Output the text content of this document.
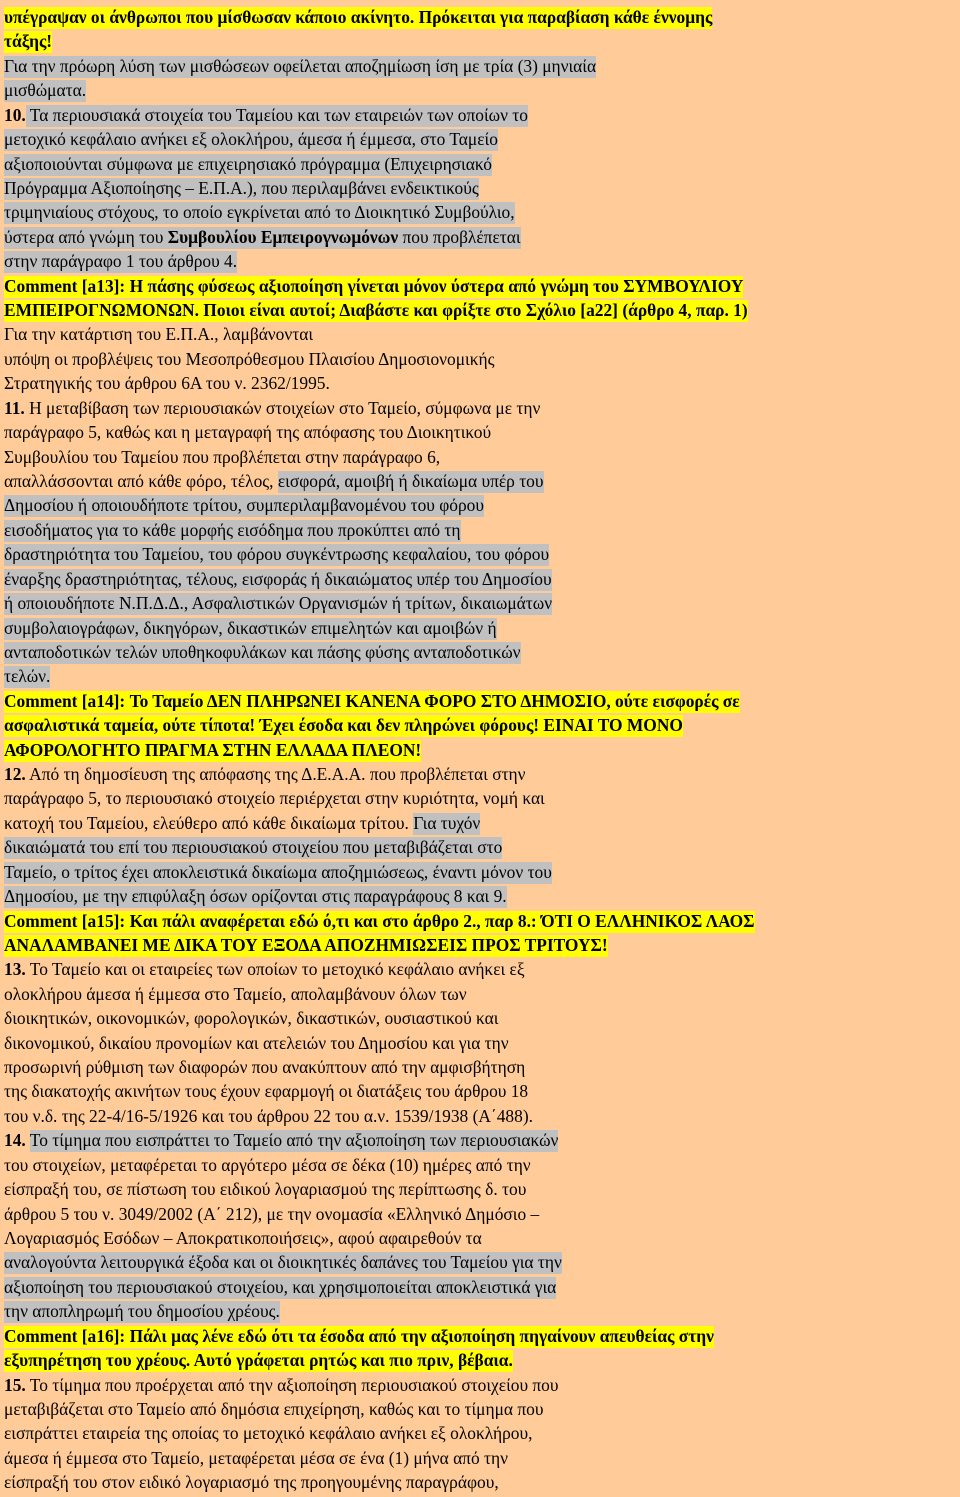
υπέγραψαν οι άνθρωποι που μίσθωσαν κάποιο ακίνητο. Πρόκειται για παραβίαση κάθε έννομης

τάξης!

Για την πρόωρη λύση των μισθώσεων οφείλεται αποζημίωση ίση με τρία (3) μηνιαία

μισθώματα.

10. Τα περιουσιακά στοιχεία του Ταμείου και των εταιρειών των οποίων το

μετοχικό κεφάλαιο ανήκει εξ ολοκλήρου, άμεσα ή έμμεσα, στο Ταμείο

αξιοποιούνται σύμφωνα με επιχειρησιακό πρόγραμμα (Επιχειρησιακό

Πρόγραμμα Αξιοποίησης – Ε.Π.Α.), που περιλαμβάνει ενδεικτικούς

τριμηνιαίους στόχους, το οποίο εγκρίνεται από το Διοικητικό Συμβούλιο,

ύστερα από γνώμη του Συμβουλίου Εμπειρογνωμόνων που προβλέπεται

στην παράγραφο 1 του άρθρου 4.

Comment [a13]: Η πάσης φύσεως αξιοποίηση γίνεται μόνον ύστερα από γνώμη του ΣΥΜΒΟΥΛΙΟΥ

ΕΜΠΕΙΡΟΓΝΩΜΟΝΩΝ. Ποιοι είναι αυτοί; Διαβάστε και φρίξτε στο Σχόλιο [a22] (άρθρο 4, παρ. 1)

Για την κατάρτιση του Ε.Π.Α., λαμβάνονται

υπόψη οι προβλέψεις του Μεσοπρόθεσμου Πλαισίου Δημοσιονομικής

Στρατηγικής του άρθρου 6Α του ν. 2362/1995.

11. Η μεταβίβαση των περιουσιακών στοιχείων στο Ταμείο, σύμφωνα με την

παράγραφο 5, καθώς και η μεταγραφή της απόφασης του Διοικητικού

Συμβουλίου του Ταμείου που προβλέπεται στην παράγραφο 6,

απαλλάσσονται από κάθε φόρο, τέλος, εισφορά, αμοιβή ή δικαίωμα υπέρ του

Δημοσίου ή οποιουδήποτε τρίτου, συμπεριλαμβανομένου του φόρου

εισοδήματος για το κάθε μορφής εισόδημα που προκύπτει από τη

δραστηριότητα του Ταμείου, του φόρου συγκέντρωσης κεφαλαίου, του φόρου

έναρξης δραστηριότητας, τέλους, εισφοράς ή δικαιώματος υπέρ του Δημοσίου

ή οποιουδήποτε Ν.Π.Δ.Δ., Ασφαλιστικών Οργανισμών ή τρίτων, δικαιωμάτων

συμβολαιογράφων, δικηγόρων, δικαστικών επιμελητών και αμοιβών ή

ανταποδοτικών τελών υποθηκοφυλάκων και πάσης φύσης ανταποδοτικών

τελών.

Comment [a14]: Το Ταμείο ΔΕΝ ΠΛΗΡΩΝΕΙ ΚΑΝΕΝΑ ΦΟΡΟ ΣΤΟ ΔΗΜΟΣΙΟ, ούτε εισφορές σε

ασφαλιστικά ταμεία, ούτε τίποτα! Έχει έσοδα και δεν πληρώνει φόρους! ΕΙΝΑΙ ΤΟ ΜΟΝΟ

ΑΦΟΡΟΛΟΓΗΤΟ ΠΡΑΓΜΑ ΣΤΗΝ ΕΛΛΑΔΑ ΠΛΕΟΝ!

12. Από τη δημοσίευση της απόφασης της Δ.Ε.Α.Α. που προβλέπεται στην

παράγραφο 5, το περιουσιακό στοιχείο περιέρχεται στην κυριότητα, νομή και

κατοχή του Ταμείου, ελεύθερο από κάθε δικαίωμα τρίτου. Για τυχόν

δικαιώματά του επί του περιουσιακού στοιχείου που μεταβιβάζεται στο

Ταμείο, ο τρίτος έχει αποκλειστικά δικαίωμα αποζημιώσεως, έναντι μόνον του

Δημοσίου, με την επιφύλαξη όσων ορίζονται στις παραγράφους 8 και 9.

Comment [a15]: Και πάλι αναφέρεται εδώ ό,τι και στο άρθρο 2., παρ 8.: ΌΤΙ Ο ΕΛΛΗΝΙΚΟΣ ΛΑΟΣ

ΑΝΑΛΑΜΒΑΝΕΙ ΜΕ ΔΙΚΑ ΤΟΥ ΕΞΟΔΑ ΑΠΟΖΗΜΙΩΣΕΙΣ ΠΡΟΣ ΤΡΙΤΟΥΣ!

13. Το Ταμείο και οι εταιρείες των οποίων το μετοχικό κεφάλαιο ανήκει εξ

ολοκλήρου άμεσα ή έμμεσα στο Ταμείο, απολαμβάνουν όλων των

διοικητικών, οικονομικών, φορολογικών, δικαστικών, ουσιαστικού και

δικονομικού, δικαίου προνομίων και ατελειών του Δημοσίου και για την

προσωρινή ρύθμιση των διαφορών που ανακύπτουν από την αμφισβήτηση

της διακατοχής ακινήτων τους έχουν εφαρμογή οι διατάξεις του άρθρου 18

του ν.δ. της 22-4/16-5/1926 και του άρθρου 22 του α.ν. 1539/1938 (Α΄488).

14. Το τίμημα που εισπράττει το Ταμείο από την αξιοποίηση των περιουσιακών

του στοιχείων, μεταφέρεται το αργότερο μέσα σε δέκα (10) ημέρες από την

είσπραξή του, σε πίστωση του ειδικού λογαριασμού της περίπτωσης δ. του

άρθρου 5 του ν. 3049/2002 (Α΄ 212), με την ονομασία «Ελληνικό Δημόσιο –

Λογαριασμός Εσόδων – Αποκρατικοποιήσεις», αφού αφαιρεθούν τα

αναλογούντα λειτουργικά έξοδα και οι διοικητικές δαπάνες του Ταμείου για την

αξιοποίηση του περιουσιακού στοιχείου, και χρησιμοποιείται αποκλειστικά για

την αποπληρωμή του δημοσίου χρέους.

Comment [a16]: Πάλι μας λένε εδώ ότι τα έσοδα από την αξιοποίηση πηγαίνουν απευθείας στην

εξυπηρέτηση του χρέους. Αυτό γράφεται ρητώς και πιο πριν, βέβαια.

15. Το τίμημα που προέρχεται από την αξιοποίηση περιουσιακού στοιχείου που

μεταβιβάζεται στο Ταμείο από δημόσια επιχείρηση, καθώς και το τίμημα που

εισπράττει εταιρεία της οποίας το μετοχικό κεφάλαιο ανήκει εξ ολοκλήρου,

άμεσα ή έμμεσα στο Ταμείο, μεταφέρεται μέσα σε ένα (1) μήνα από την

είσπραξή του στον ειδικό λογαριασμό της προηγουμένης παραγράφου,
